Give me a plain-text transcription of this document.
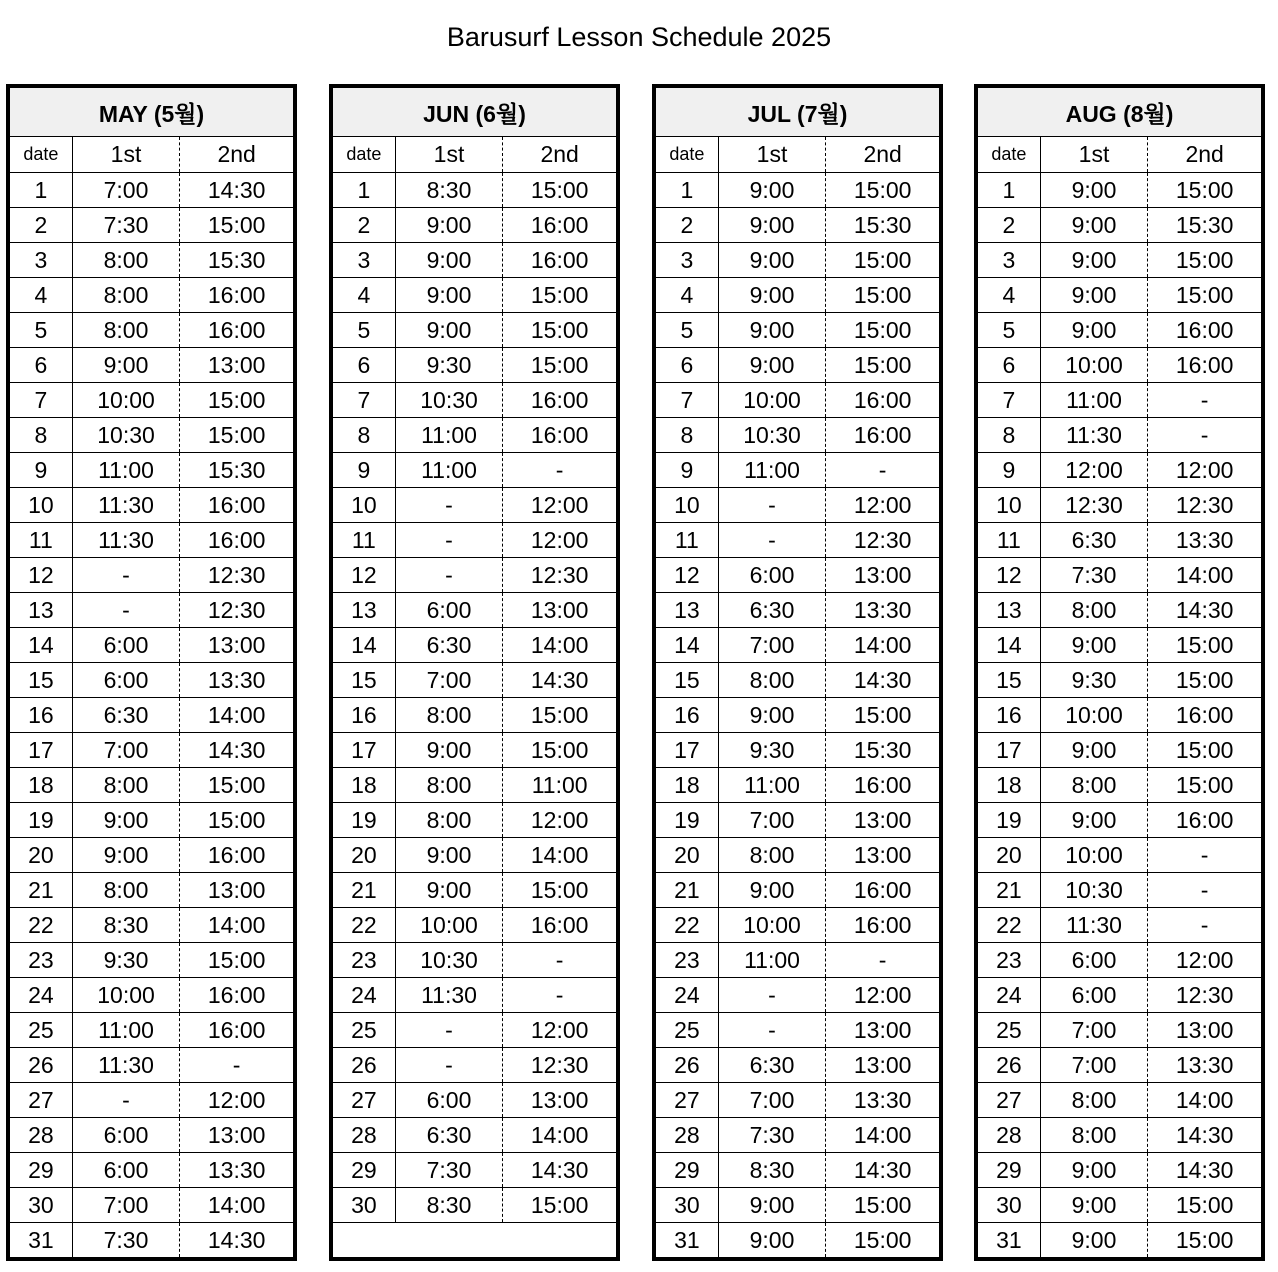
Barusurf Lesson Schedule 2025
MAY (5월)		
date	1st	2nd
1	7:00	14:30
2	7:30	15:00
3	8:00	15:30
4	8:00	16:00
5	8:00	16:00
6	9:00	13:00
7	10:00	15:00
8	10:30	15:00
9	11:00	15:30
10	11:30	16:00
11	11:30	16:00
12	-	12:30
13	-	12:30
14	6:00	13:00
15	6:00	13:30
16	6:30	14:00
17	7:00	14:30
18	8:00	15:00
19	9:00	15:00
20	9:00	16:00
21	8:00	13:00
22	8:30	14:00
23	9:30	15:00
24	10:00	16:00
25	11:00	16:00
26	11:30	-
27	-	12:00
28	6:00	13:00
29	6:00	13:30
30	7:00	14:00
31	7:30	14:30
JUN (6월)		
date	1st	2nd
1	8:30	15:00
2	9:00	16:00
3	9:00	16:00
4	9:00	15:00
5	9:00	15:00
6	9:30	15:00
7	10:30	16:00
8	11:00	16:00
9	11:00	-
10	-	12:00
11	-	12:00
12	-	12:30
13	6:00	13:00
14	6:30	14:00
15	7:00	14:30
16	8:00	15:00
17	9:00	15:00
18	8:00	11:00
19	8:00	12:00
20	9:00	14:00
21	9:00	15:00
22	10:00	16:00
23	10:30	-
24	11:30	-
25	-	12:00
26	-	12:30
27	6:00	13:00
28	6:30	14:00
29	7:30	14:30
30	8:30	15:00

JUL (7월)		
date	1st	2nd
1	9:00	15:00
2	9:00	15:30
3	9:00	15:00
4	9:00	15:00
5	9:00	15:00
6	9:00	15:00
7	10:00	16:00
8	10:30	16:00
9	11:00	-
10	-	12:00
11	-	12:30
12	6:00	13:00
13	6:30	13:30
14	7:00	14:00
15	8:00	14:30
16	9:00	15:00
17	9:30	15:30
18	11:00	16:00
19	7:00	13:00
20	8:00	13:00
21	9:00	16:00
22	10:00	16:00
23	11:00	-
24	-	12:00
25	-	13:00
26	6:30	13:00
27	7:00	13:30
28	7:30	14:00
29	8:30	14:30
30	9:00	15:00
31	9:00	15:00
AUG (8월)		
date	1st	2nd
1	9:00	15:00
2	9:00	15:30
3	9:00	15:00
4	9:00	15:00
5	9:00	16:00
6	10:00	16:00
7	11:00	-
8	11:30	-
9	12:00	12:00
10	12:30	12:30
11	6:30	13:30
12	7:30	14:00
13	8:00	14:30
14	9:00	15:00
15	9:30	15:00
16	10:00	16:00
17	9:00	15:00
18	8:00	15:00
19	9:00	16:00
20	10:00	-
21	10:30	-
22	11:30	-
23	6:00	12:00
24	6:00	12:30
25	7:00	13:00
26	7:00	13:30
27	8:00	14:00
28	8:00	14:30
29	9:00	14:30
30	9:00	15:00
31	9:00	15:00
